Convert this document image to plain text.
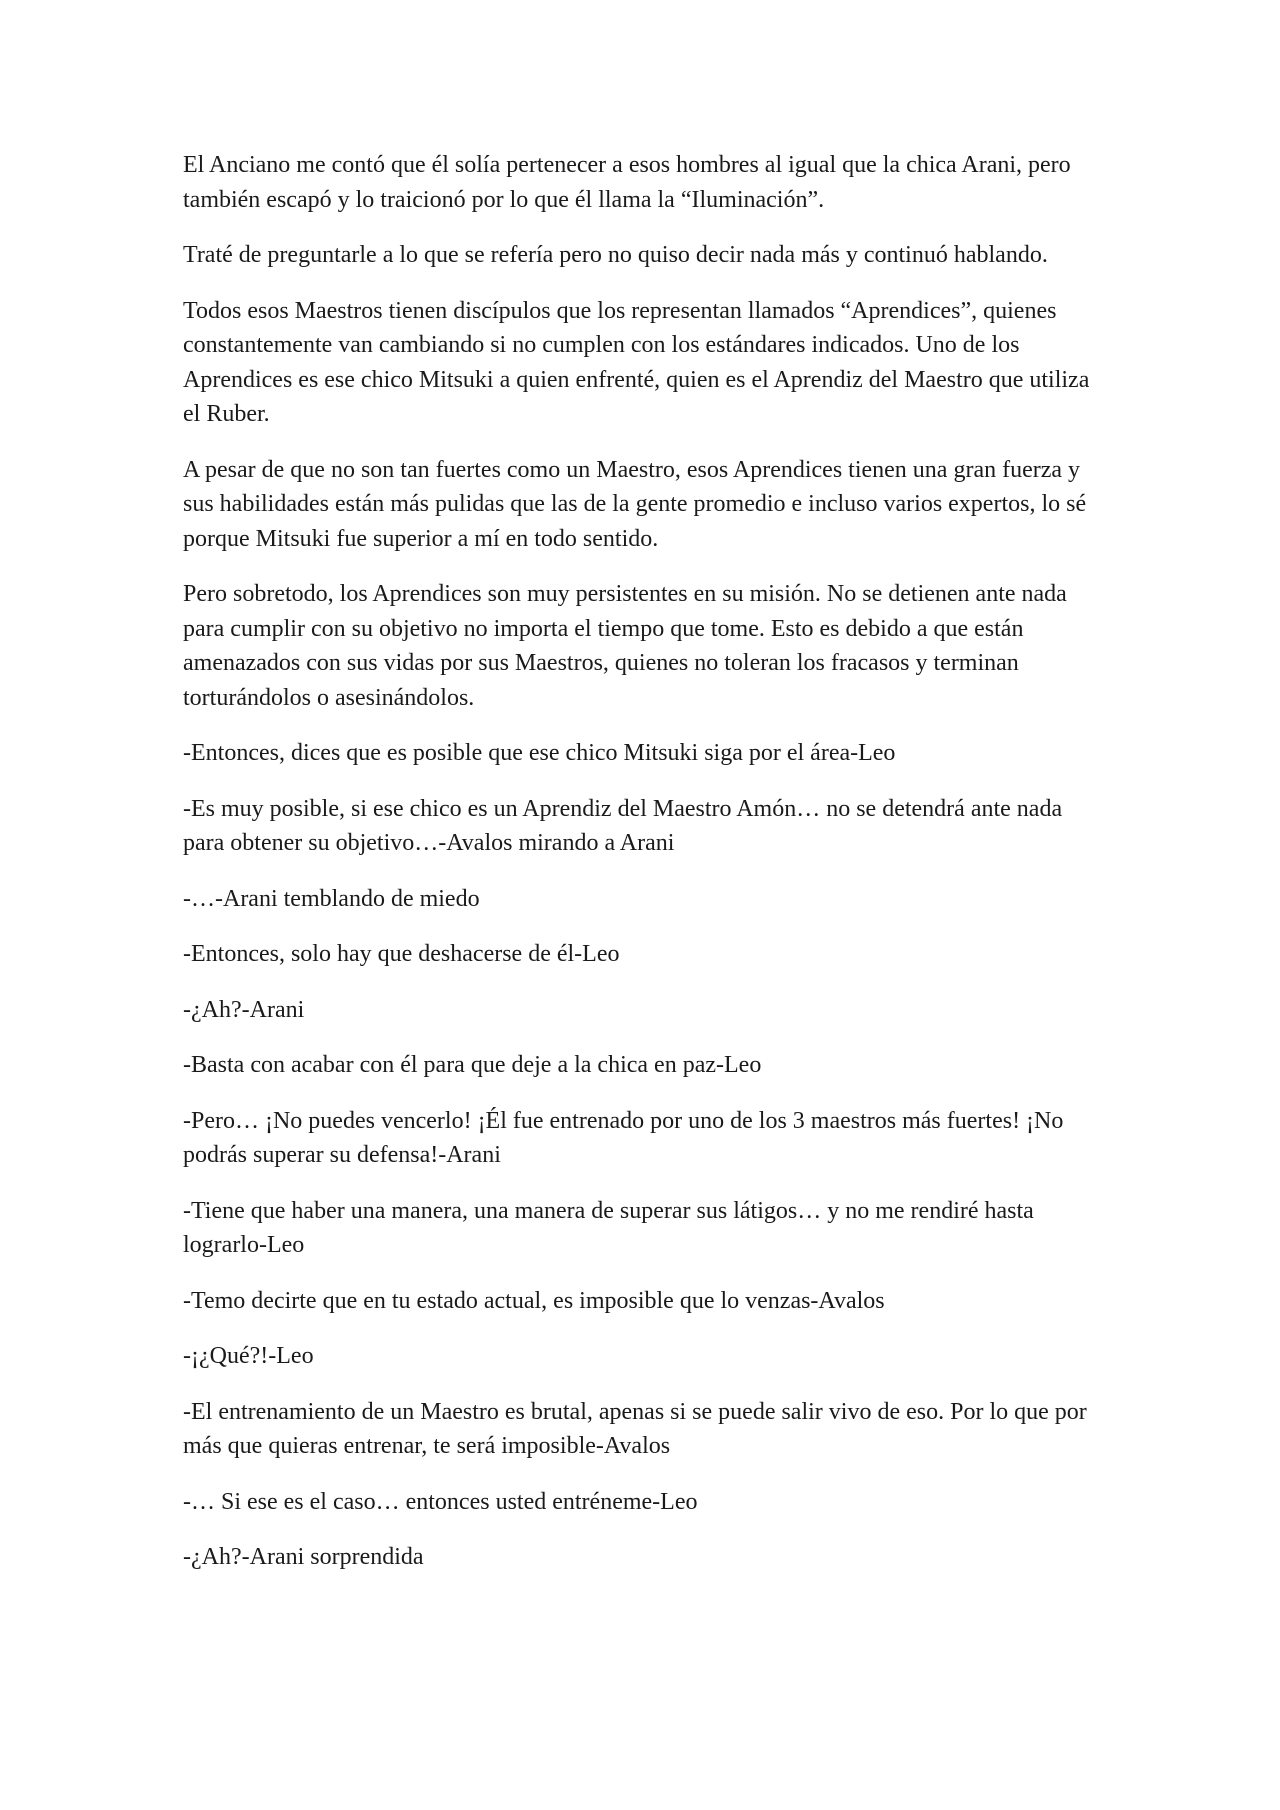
El Anciano me contó que él solía pertenecer a esos hombres al igual que la chica Arani, pero también escapó y lo traicionó por lo que él llama la “Iluminación”.

Traté de preguntarle a lo que se refería pero no quiso decir nada más y continuó hablando.

Todos esos Maestros tienen discípulos que los representan llamados “Aprendices”, quienes constantemente van cambiando si no cumplen con los estándares indicados. Uno de los Aprendices es ese chico Mitsuki a quien enfrenté, quien es el Aprendiz del Maestro que utiliza el Ruber.

A pesar de que no son tan fuertes como un Maestro, esos Aprendices tienen una gran fuerza y sus habilidades están más pulidas que las de la gente promedio e incluso varios expertos, lo sé porque Mitsuki fue superior a mí en todo sentido.

Pero sobretodo, los Aprendices son muy persistentes en su misión. No se detienen ante nada para cumplir con su objetivo no importa el tiempo que tome. Esto es debido a que están amenazados con sus vidas por sus Maestros, quienes no toleran los fracasos y terminan torturándolos o asesinándolos.

-Entonces, dices que es posible que ese chico Mitsuki siga por el área-Leo

-Es muy posible, si ese chico es un Aprendiz del Maestro Amón… no se detendrá ante nada para obtener su objetivo…-Avalos mirando a Arani

-…-Arani temblando de miedo

-Entonces, solo hay que deshacerse de él-Leo

-¿Ah?-Arani

-Basta con acabar con él para que deje a la chica en paz-Leo

-Pero… ¡No puedes vencerlo! ¡Él fue entrenado por uno de los 3 maestros más fuertes! ¡No podrás superar su defensa!-Arani

-Tiene que haber una manera, una manera de superar sus látigos… y no me rendiré hasta lograrlo-Leo

-Temo decirte que en tu estado actual, es imposible que lo venzas-Avalos

-¡¿Qué?!-Leo

-El entrenamiento de un Maestro es brutal, apenas si se puede salir vivo de eso. Por lo que por más que quieras entrenar, te será imposible-Avalos

-… Si ese es el caso… entonces usted entréneme-Leo

-¿Ah?-Arani sorprendida
